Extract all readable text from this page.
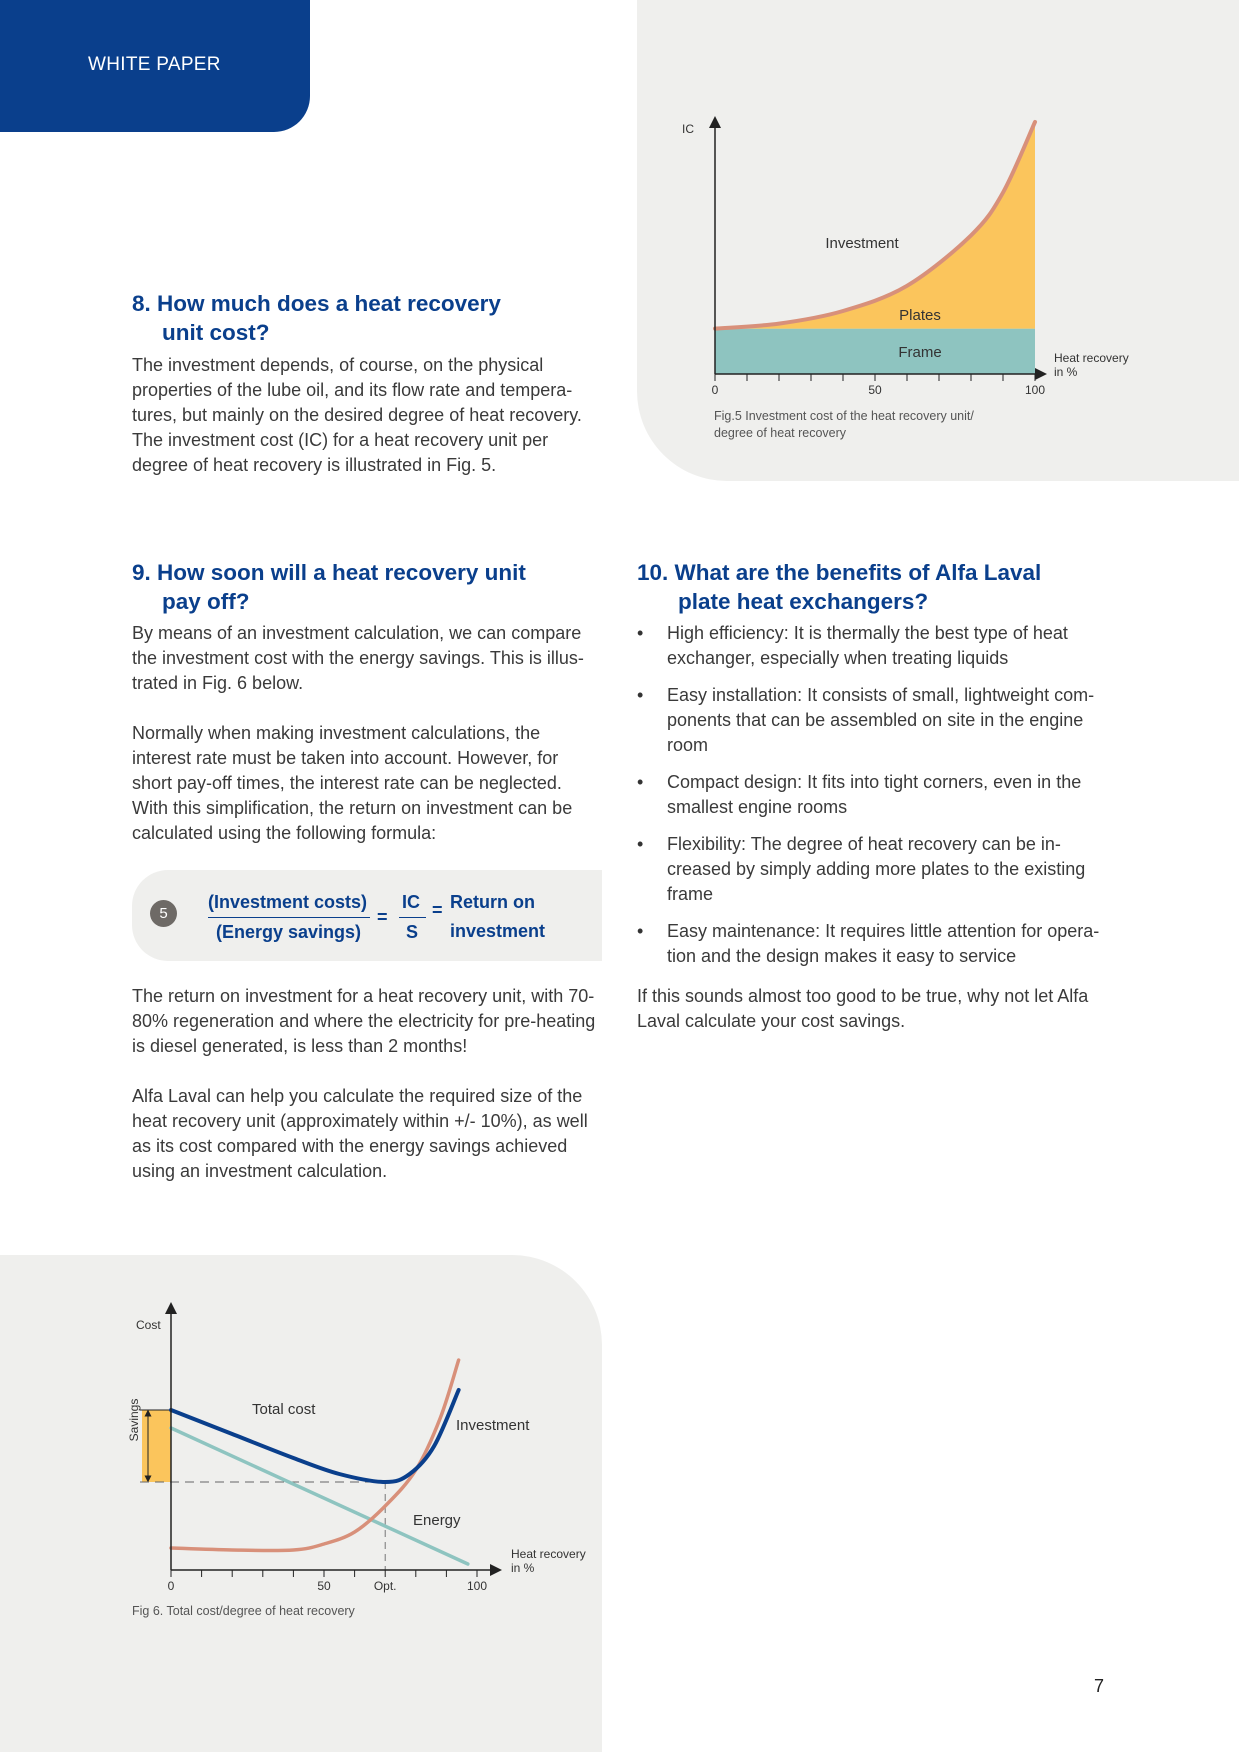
WHITE PAPER
8. How much does a heat recovery
unit cost?

The investment depends, of course, on the physical properties of the lube oil, and its flow rate and tempera-tures, but mainly on the desired degree of heat recovery. The investment cost (IC) for a heat recovery unit per degree of heat recovery is illustrated in Fig. 5.

0	50	100
IC
Heat recovery
in %
Investment
Plates
Frame
Fig.5 Investment cost of the heat recovery unit/
degree of heat recovery
9. How soon will a heat recovery unit
pay off?

By means of an investment calculation, we can compare the investment cost with the energy savings. This is illus-trated in Fig. 6 below.

Normally when making investment calculations, the interest rate must be taken into account. However, for short pay-off times, the interest rate can be neglected. With this simplification, the return on investment can be calculated using the following formula:

5
(Investment costs)
(Energy savings)
=
IC
S
= Return on
investment

The return on investment for a heat recovery unit, with 70-80% regeneration and where the electricity for pre-heating is diesel generated, is less than 2 months!

Alfa Laval can help you calculate the required size of the heat recovery unit (approximately within +/- 10%), as well as its cost compared with the energy savings achieved using an investment calculation.

10. What are the benefits of Alfa Laval
plate heat exchangers?
• High efficiency: It is thermally the best type of heat exchanger, especially when treating liquids
• Easy installation: It consists of small, lightweight com-ponents that can be assembled on site in the engine room
• Compact design: It fits into tight corners, even in the smallest engine rooms
• Flexibility: The degree of heat recovery can be in-creased by simply adding more plates to the existing frame
• Easy maintenance: It requires little attention for opera-tion and the design makes it easy to service

If this sounds almost too good to be true, why not let Alfa Laval calculate your cost savings.

0	50	Opt.	100
Cost
Savings
Heat recovery
in %
Total cost
Investment
Energy
Fig 6. Total cost/degree of heat recovery
7
